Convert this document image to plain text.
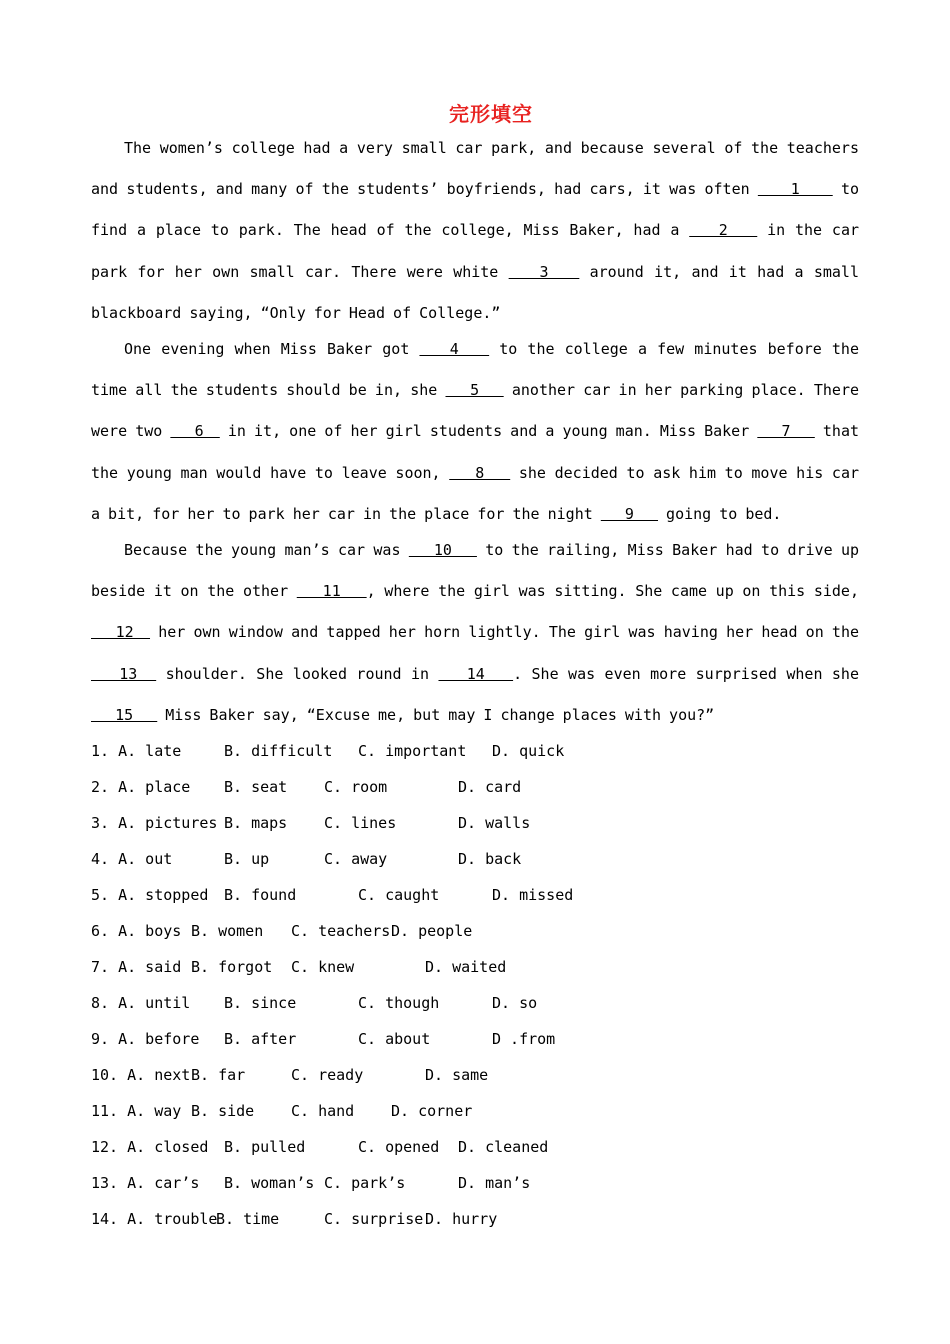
完形填空

The women’s college had a very small car park, and because several of the teachers and students, and many of the students’ boyfriends, had cars, it was often     1     to find a place to park. The head of the college, Miss Baker, had a    2    in the car park for her own small car. There were white    3    around it, and it had a small blackboard saying, “Only for Head of College.”

One evening when Miss Baker got    4    to the college a few minutes before the time all the students should be in, she    5    another car in her parking place. There were two    6   in it, one of her girl students and a young man. Miss Baker    7    that the young man would have to leave soon,    8    she decided to ask him to move his car a bit, for her to park her car in the place for the night    9    going to bed.

Because the young man’s car was    10    to the railing, Miss Baker had to drive up beside it on the other    11   , where the girl was sitting. She came up on this side,    12   her own window and tapped her horn lightly. The girl was having her head on the    13   shoulder. She looked round in    14   . She was even more surprised when she    15    Miss Baker say, “Excuse me, but may I change places with you?”

1. A. late	B. difficult C. important D. quick
2. A. place B. seat C. room	D. card
3. A. pictures B. maps C. lines	D. walls
4. A. out	B. up	C. away	D. back
5. A. stopped B. found	C. caught	D. missed
6. A. boys B. women C. teachers D. people
7. A. said B. forgot C. knew	D. waited
8. A. until B. since	C. though	D. so
9. A. before B. after	C. about	D .from
10. A. next B. far	C. ready	D. same
11. A. way B. side C. hand D. corner
12. A. closed B. pulled	C. opened D. cleaned
13. A. car’s B. woman’s C. park’s	D. man’s
14. A. trouble
B. time	C. surprise D. hurry
